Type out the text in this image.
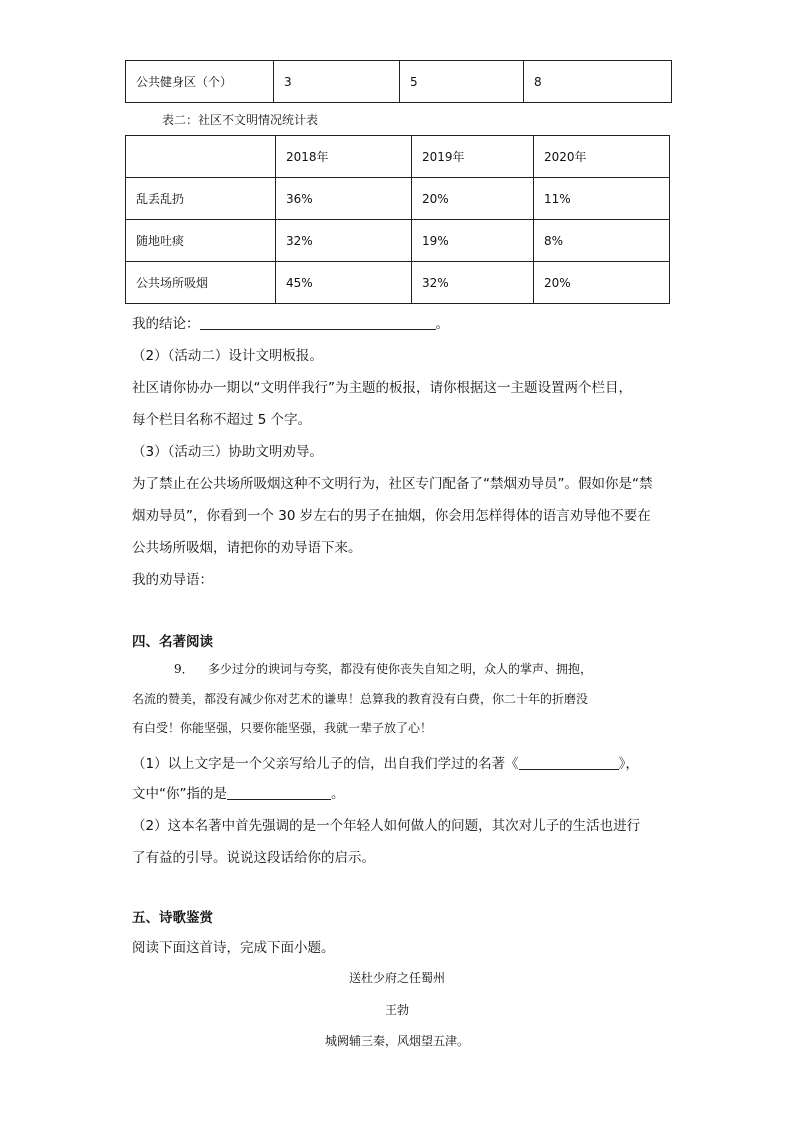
公共健身区（个）	3	5	8
表二：社区不文明情况统计表
	2018年	2019年	2020年
乱丢乱扔	36%	20%	11%
随地吐痰	32%	19%	8%
公共场所吸烟	45%	32%	20%
我的结论：	。
（2）（活动二）设计文明板报。
社区请你协办一期以“文明伴我行”为主题的板报，请你根据这一主题设置两个栏目，
每个栏目名称不超过 5 个字。
（3）（活动三）协助文明劝导。
为了禁止在公共场所吸烟这种不文明行为，社区专门配备了“禁烟劝导员”。假如你是“禁
烟劝导员”，你看到一个 30 岁左右的男子在抽烟，你会用怎样得体的语言劝导他不要在
公共场所吸烟，请把你的劝导语下来。
我的劝导语：
四、名著阅读
9． 多少过分的谀词与夸奖，都没有使你丧失自知之明，众人的掌声、拥抱，
名流的赞美，都没有减少你对艺术的谦卑！总算我的教育没有白费，你二十年的折磨没
有白受！你能坚强，只要你能坚强，我就一辈子放了心！
（1）以上文字是一个父亲写给儿子的信，出自我们学过的名著《	》，
文中“你”指的是	。
（2）这本名著中首先强调的是一个年轻人如何做人的问题，其次对儿子的生活也进行
了有益的引导。说说这段话给你的启示。
五、诗歌鉴赏
阅读下面这首诗，完成下面小题。
送杜少府之任蜀州
王勃
城阙辅三秦，风烟望五津。
